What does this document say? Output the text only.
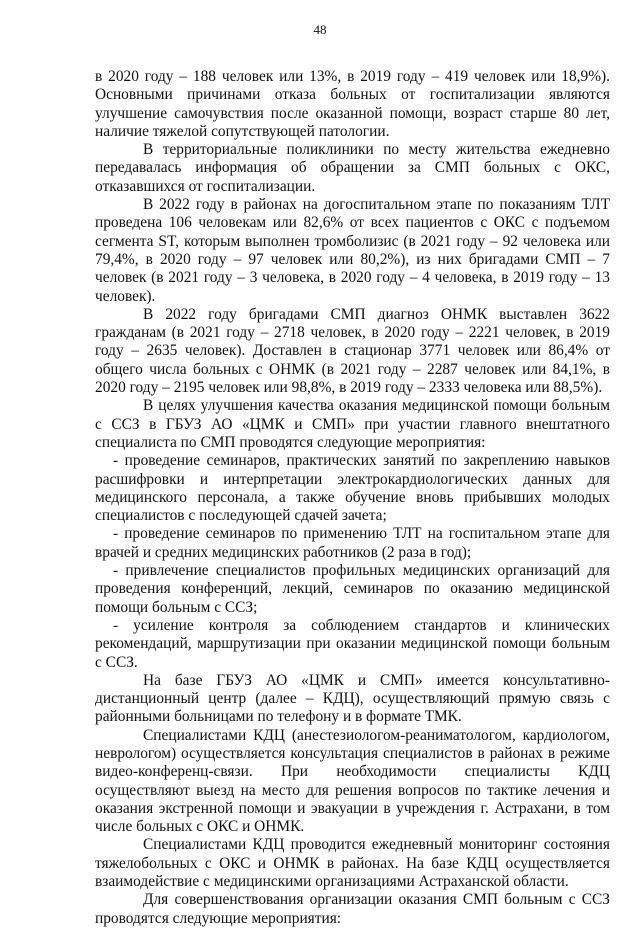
48

в 2020 году – 188 человек или 13%, в 2019 году – 419 человек или 18,9%). Основными причинами отказа больных от госпитализации являются улучшение самочувствия после оказанной помощи, возраст старше 80 лет, наличие тяжелой сопутствующей патологии.

В территориальные поликлиники по месту жительства ежедневно передавалась информация об обращении за СМП больных с ОКС, отказавшихся от госпитализации.

В 2022 году в районах на догоспитальном этапе по показаниям ТЛТ проведена 106 человекам или 82,6% от всех пациентов с ОКС с подъемом сегмента ST, которым выполнен тромболизис (в 2021 году – 92 человека или 79,4%, в 2020 году – 97 человек или 80,2%), из них бригадами СМП – 7 человек (в 2021 году – 3 человека, в 2020 году – 4 человека, в 2019 году – 13 человек).

В 2022 году бригадами СМП диагноз ОНМК выставлен 3622 гражданам (в 2021 году – 2718 человек, в 2020 году – 2221 человек, в 2019 году – 2635 человек). Доставлен в стационар 3771 человек или 86,4% от общего числа больных с ОНМК (в 2021 году – 2287 человек или 84,1%, в 2020 году – 2195 человек или 98,8%, в 2019 году – 2333 человека или 88,5%).

В целях улучшения качества оказания медицинской помощи больным с ССЗ в ГБУЗ АО «ЦМК и СМП» при участии главного внештатного специалиста по СМП проводятся следующие мероприятия:

- проведение семинаров, практических занятий по закреплению навыков расшифровки и интерпретации электрокардиологических данных для медицинского персонала, а также обучение вновь прибывших молодых специалистов с последующей сдачей зачета;

- проведение семинаров по применению ТЛТ на госпитальном этапе для врачей и средних медицинских работников (2 раза в год);

- привлечение специалистов профильных медицинских организаций для проведения конференций, лекций, семинаров по оказанию медицинской помощи больным с ССЗ;

- усиление контроля за соблюдением стандартов и клинических рекомендаций, маршрутизации при оказании медицинской помощи больным с ССЗ.

На базе ГБУЗ АО «ЦМК и СМП» имеется консультативно-дистанционный центр (далее – КДЦ), осуществляющий прямую связь с районными больницами по телефону и в формате ТМК.

Специалистами КДЦ (анестезиологом-реаниматологом, кардиологом, неврологом) осуществляется консультация специалистов в районах в режиме видео-конференц-связи. При необходимости специалисты КДЦ осуществляют выезд на место для решения вопросов по тактике лечения и оказания экстренной помощи и эвакуации в учреждения г. Астрахани, в том числе больных с ОКС и ОНМК.

Специалистами КДЦ проводится ежедневный мониторинг состояния тяжелобольных с ОКС и ОНМК в районах. На базе КДЦ осуществляется взаимодействие с медицинскими организациями Астраханской области.

Для совершенствования организации оказания СМП больным с ССЗ проводятся следующие мероприятия:
